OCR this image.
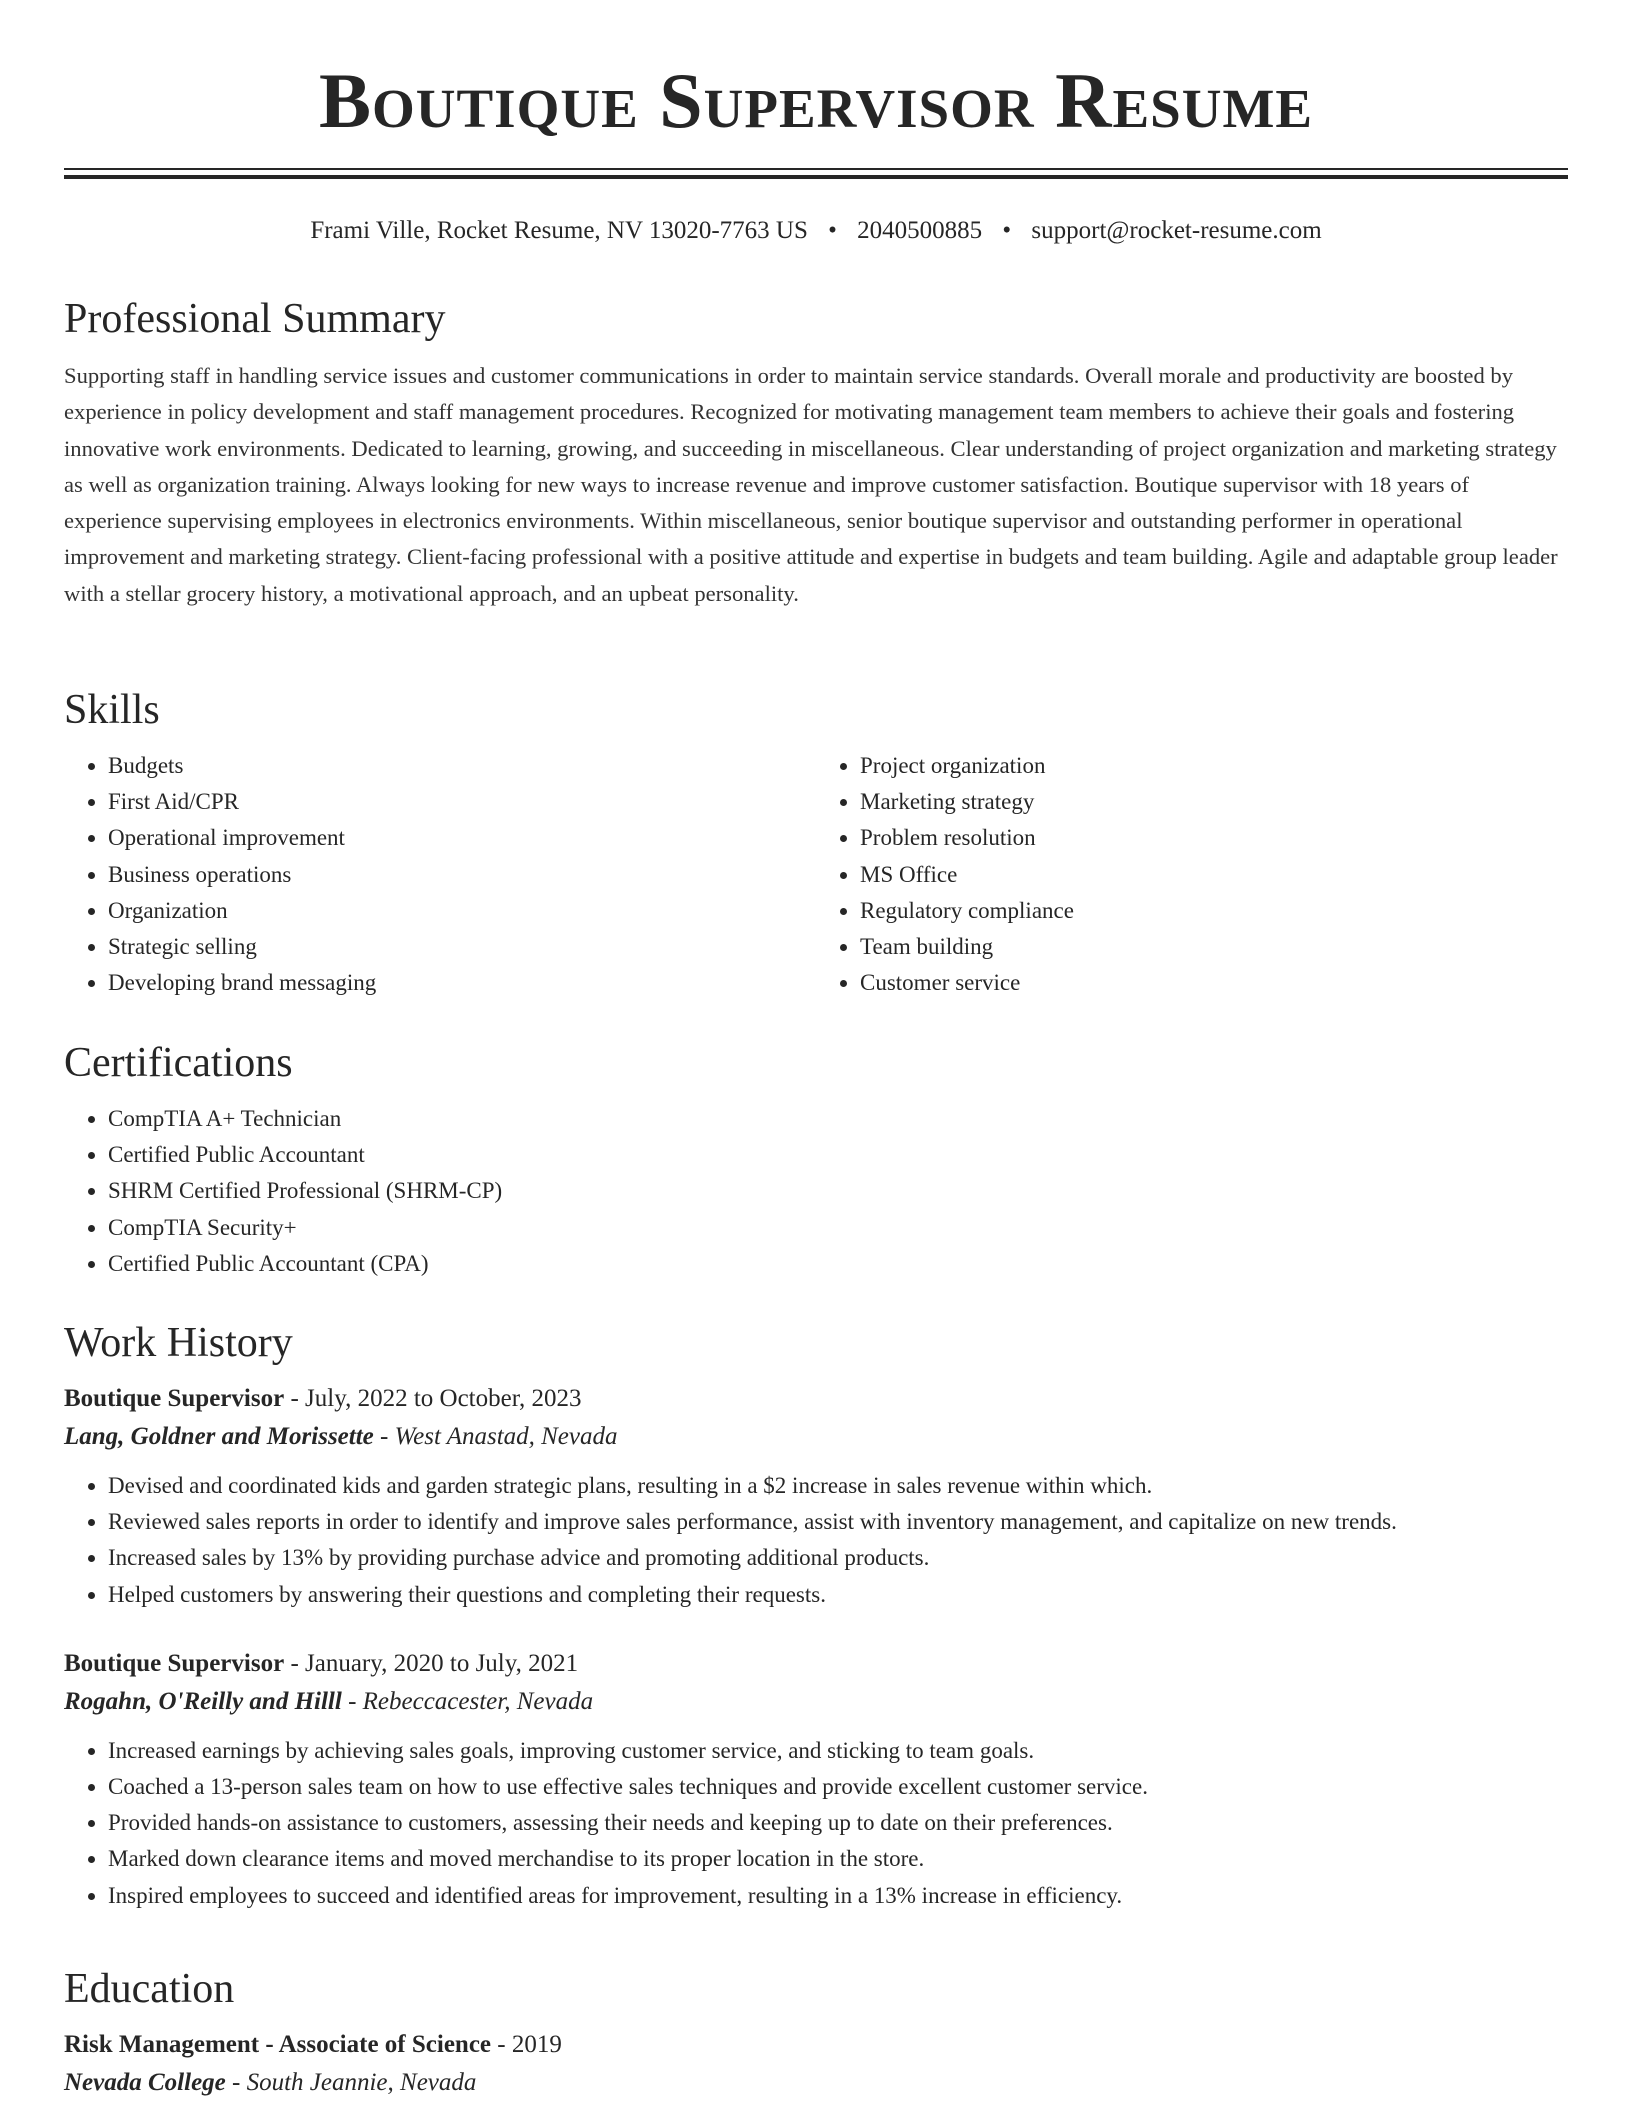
Boutique Supervisor Resume
Frami Ville, Rocket Resume, NV 13020-7763 US • 2040500885 • support@rocket-resume.com
Professional Summary

Supporting staff in handling service issues and customer communications in order to maintain service standards. Overall morale and productivity are boosted by experience in policy development and staff management procedures. Recognized for motivating management team members to achieve their goals and fostering innovative work environments. Dedicated to learning, growing, and succeeding in miscellaneous. Clear understanding of project organization and marketing strategy as well as organization training. Always looking for new ways to increase revenue and improve customer satisfaction. Boutique supervisor with 18 years of experience supervising employees in electronics environments. Within miscellaneous, senior boutique supervisor and outstanding performer in operational improvement and marketing strategy. Client-facing professional with a positive attitude and expertise in budgets and team building. Agile and adaptable group leader with a stellar grocery history, a motivational approach, and an upbeat personality.

Skills
• Budgets
• First Aid/CPR
• Operational improvement
• Business operations
• Organization
• Strategic selling
• Developing brand messaging
• Project organization
• Marketing strategy
• Problem resolution
• MS Office
• Regulatory compliance
• Team building
• Customer service
Certifications
• CompTIA A+ Technician
• Certified Public Accountant
• SHRM Certified Professional (SHRM-CP)
• CompTIA Security+
• Certified Public Accountant (CPA)
Work History
Boutique Supervisor - July, 2022 to October, 2023
Lang, Goldner and Morissette - West Anastad, Nevada
• Devised and coordinated kids and garden strategic plans, resulting in a $2 increase in sales revenue within which.
• Reviewed sales reports in order to identify and improve sales performance, assist with inventory management, and capitalize on new trends.
• Increased sales by 13% by providing purchase advice and promoting additional products.
• Helped customers by answering their questions and completing their requests.
Boutique Supervisor - January, 2020 to July, 2021
Rogahn, O'Reilly and Hilll - Rebeccacester, Nevada
• Increased earnings by achieving sales goals, improving customer service, and sticking to team goals.
• Coached a 13-person sales team on how to use effective sales techniques and provide excellent customer service.
• Provided hands-on assistance to customers, assessing their needs and keeping up to date on their preferences.
• Marked down clearance items and moved merchandise to its proper location in the store.
• Inspired employees to succeed and identified areas for improvement, resulting in a 13% increase in efficiency.
Education
Risk Management - Associate of Science - 2019
Nevada College - South Jeannie, Nevada
